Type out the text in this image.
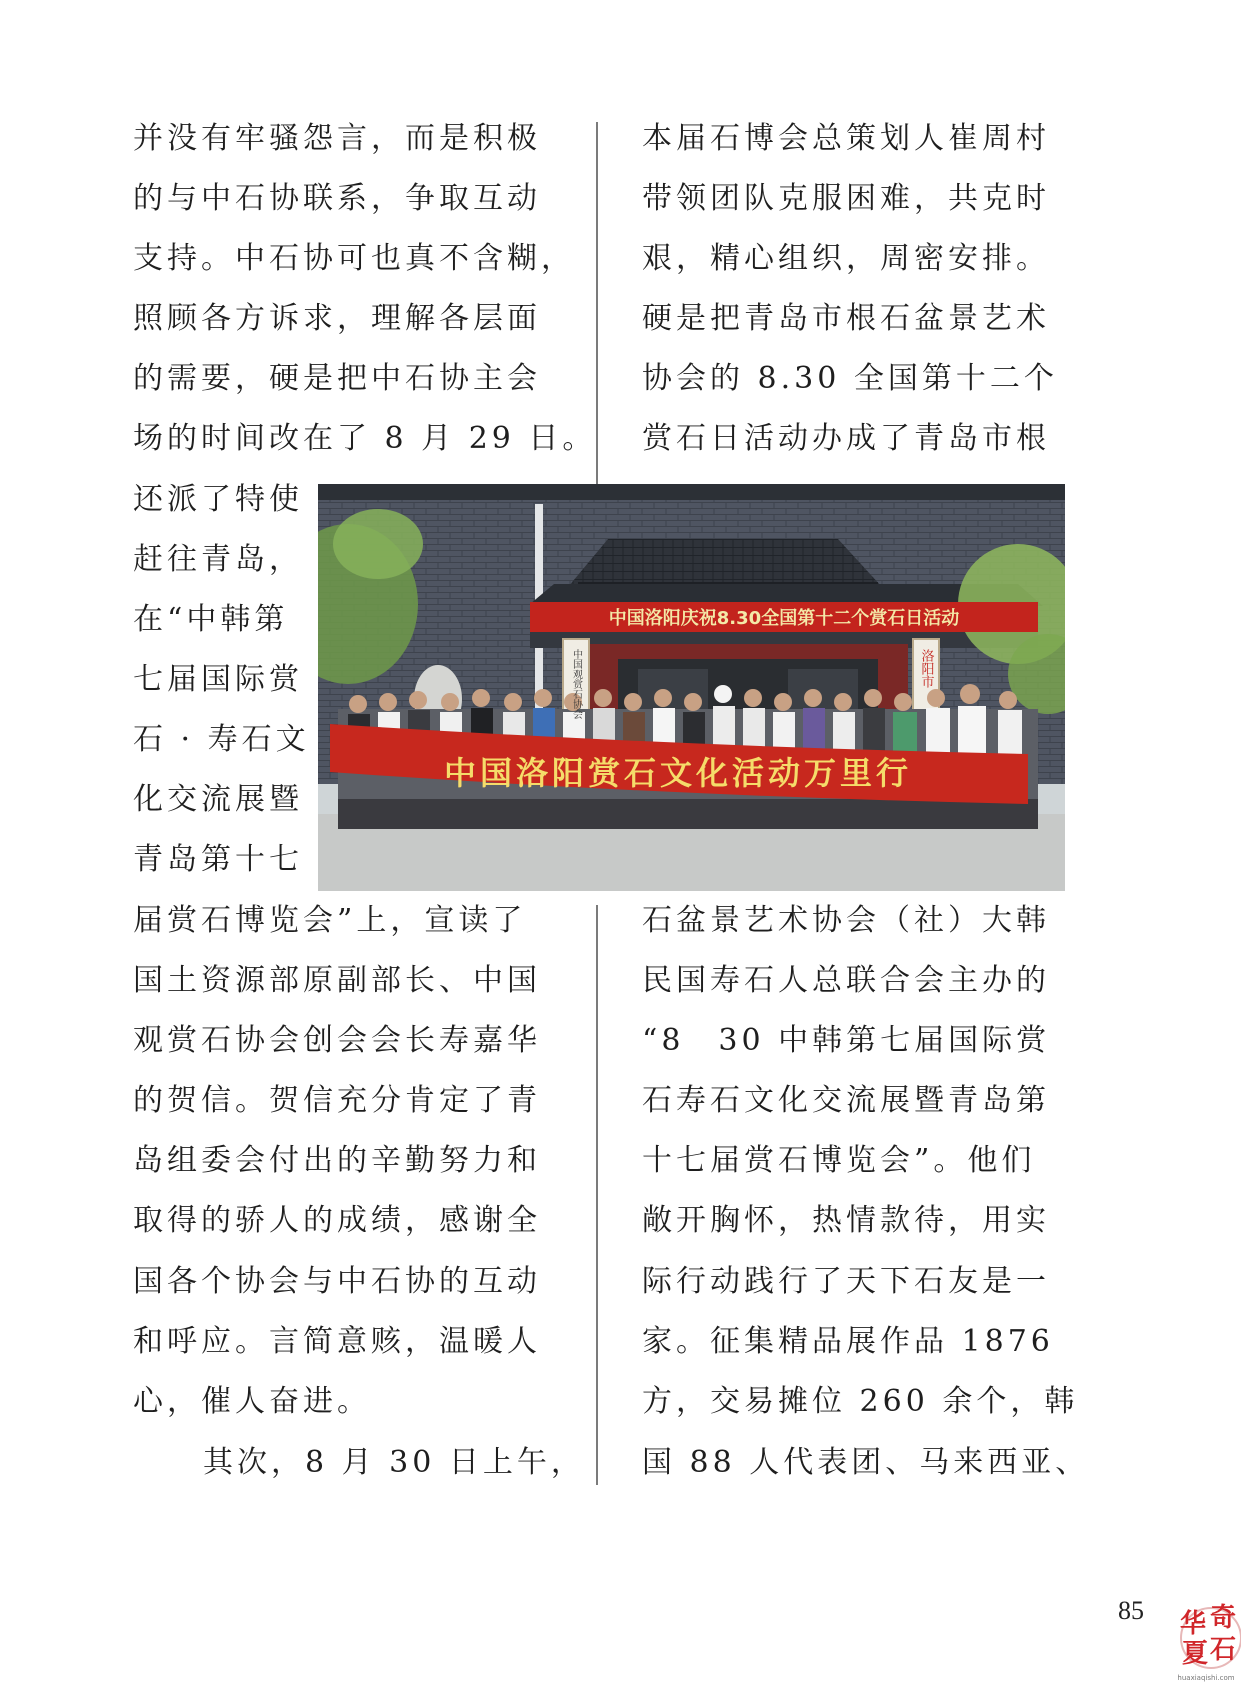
并没有牢骚怨言，而是积极
的与中石协联系，争取互动
支持。中石协可也真不含糊，
照顾各方诉求，理解各层面
的需要，硬是把中石协主会
场的时间改在了 8 月 29 日。
还派了特使
赶往青岛，
在“中韩第
七届国际赏
石 · 寿石文
化交流展暨
青岛第十七
届赏石博览会”上，宣读了
国土资源部原副部长、中国
观赏石协会创会会长寿嘉华
的贺信。贺信充分肯定了青
岛组委会付出的辛勤努力和
取得的骄人的成绩，感谢全
国各个协会与中石协的互动
和呼应。言简意赅，温暖人
心，催人奋进。
其次，8 月 30 日上午，
本届石博会总策划人崔周村
带领团队克服困难，共克时
艰，精心组织，周密安排。
硬是把青岛市根石盆景艺术
协会的 8.30 全国第十二个
赏石日活动办成了青岛市根
石盆景艺术协会（社）大韩
民国寿石人总联合会主办的
“8　30 中韩第七届国际赏
石寿石文化交流展暨青岛第
十七届赏石博览会”。他们
敞开胸怀，热情款待，用实
际行动践行了天下石友是一
家。征集精品展作品 1876
方，交易摊位 260 余个，韩
国 88 人代表团、马来西亚、
中国洛阳庆祝8.30全国第十二个赏石日活动
中国观赏石协会	洛阳市
中国洛阳赏石文化活动万里行
85 华 奇
夏 石
huaxiaqishi.com
